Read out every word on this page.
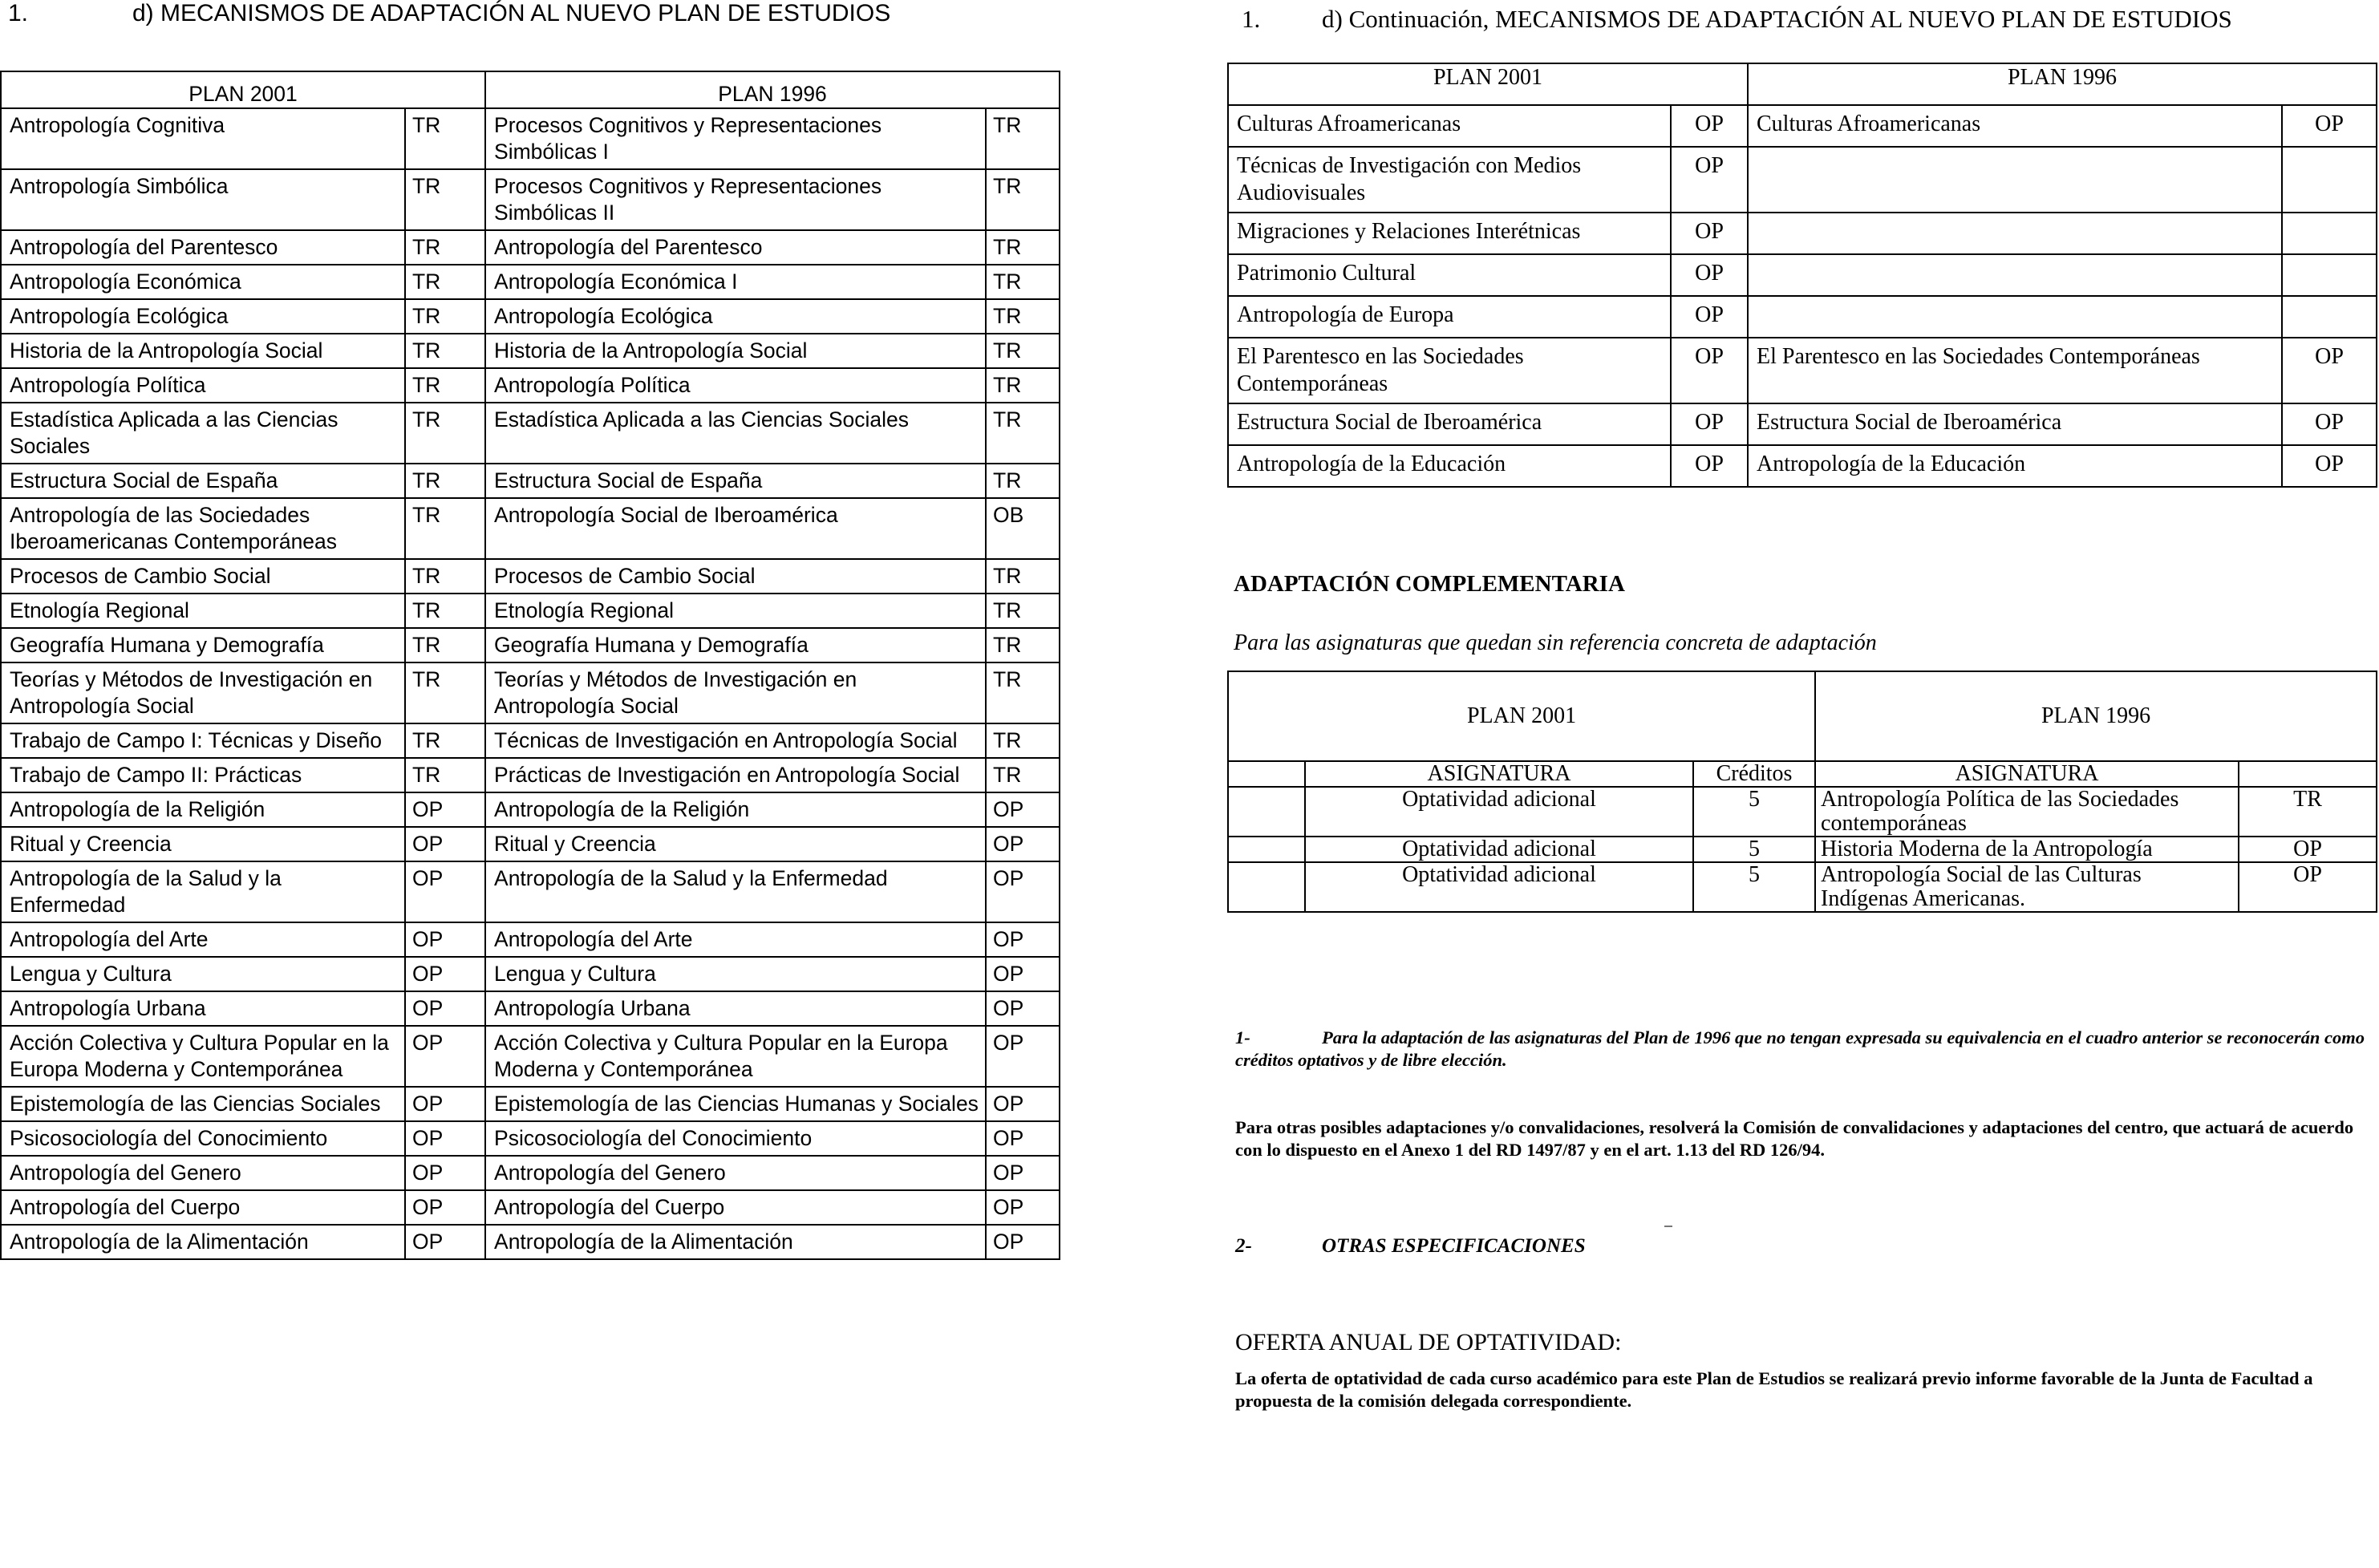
1.	d) MECANISMOS DE ADAPTACIÓN AL NUEVO PLAN DE ESTUDIOS
PLAN 2001		PLAN 1996	
Antropología Cognitiva	TR	Procesos Cognitivos y Representaciones Simbólicas I	TR
Antropología Simbólica	TR	Procesos Cognitivos y Representaciones Simbólicas II	TR
Antropología del Parentesco	TR	Antropología del Parentesco	TR
Antropología Económica	TR	Antropología Económica I	TR
Antropología Ecológica	TR	Antropología Ecológica	TR
Historia de la Antropología Social	TR	Historia de la Antropología Social	TR
Antropología Política	TR	Antropología Política	TR
Estadística Aplicada a las Ciencias Sociales	TR	Estadística Aplicada a las Ciencias Sociales	TR
Estructura Social de España	TR	Estructura Social de España	TR
Antropología de las Sociedades Iberoamericanas Contemporáneas	TR	Antropología Social de Iberoamérica	OB
Procesos de Cambio Social	TR	Procesos de Cambio Social	TR
Etnología Regional	TR	Etnología Regional	TR
Geografía Humana y Demografía	TR	Geografía Humana y Demografía	TR
Teorías y Métodos de Investigación en Antropología Social	TR	Teorías y Métodos de Investigación en Antropología Social	TR
Trabajo de Campo I: Técnicas y Diseño	TR	Técnicas de Investigación en Antropología Social	TR
Trabajo de Campo II: Prácticas	TR	Prácticas de Investigación en Antropología Social	TR
Antropología de la Religión	OP	Antropología de la Religión	OP
Ritual y Creencia	OP	Ritual y Creencia	OP
Antropología de la Salud y la Enfermedad	OP	Antropología de la Salud y la Enfermedad	OP
Antropología del Arte	OP	Antropología del Arte	OP
Lengua y Cultura	OP	Lengua y Cultura	OP
Antropología Urbana	OP	Antropología Urbana	OP
Acción Colectiva y Cultura Popular en la Europa Moderna y Contemporánea	OP	Acción Colectiva y Cultura Popular en la Europa Moderna y Contemporánea	OP
Epistemología de las Ciencias Sociales	OP	Epistemología de las Ciencias Humanas y Sociales	OP
Psicosociología del Conocimiento	OP	Psicosociología del Conocimiento	OP
Antropología del Genero	OP	Antropología del Genero	OP
Antropología del Cuerpo	OP	Antropología del Cuerpo	OP
Antropología de la Alimentación	OP	Antropología de la Alimentación	OP
1. d) Continuación, MECANISMOS DE ADAPTACIÓN AL NUEVO PLAN DE ESTUDIOS
PLAN 2001		PLAN 1996	
Culturas Afroamericanas	OP	Culturas Afroamericanas	OP
Técnicas de Investigación con Medios Audiovisuales	OP		
Migraciones y Relaciones Interétnicas	OP		
Patrimonio Cultural	OP		
Antropología de Europa	OP		
El Parentesco en las Sociedades Contemporáneas	OP	El Parentesco en las Sociedades Contemporáneas	OP
Estructura Social de Iberoamérica	OP	Estructura Social de Iberoamérica	OP
Antropología de la Educación	OP	Antropología de la Educación	OP
ADAPTACIÓN COMPLEMENTARIA
Para las asignaturas que quedan sin referencia concreta de adaptación
PLAN 2001			PLAN 1996	
	ASIGNATURA	Créditos	ASIGNATURA	
	Optatividad adicional	5	Antropología Política de las Sociedades contemporáneas	TR
	Optatividad adicional	5	Historia Moderna de la Antropología	OP
	Optatividad adicional	5	Antropología Social de las Culturas Indígenas Americanas.	OP
1-	Para la adaptación de las asignaturas del Plan de 1996 que no tengan expresada su equivalencia en el cuadro anterior se reconocerán como créditos optativos y de libre elección.
Para otras posibles adaptaciones y/o convalidaciones, resolverá la Comisión de convalidaciones y adaptaciones del centro, que actuará de acuerdo con lo dispuesto en el Anexo 1 del RD 1497/87 y en el art. 1.13 del RD 126/94.
2-	OTRAS ESPECIFICACIONES
OFERTA ANUAL DE OPTATIVIDAD:
La oferta de optatividad de cada curso académico para este Plan de Estudios se realizará previo informe favorable de la Junta de Facultad a propuesta de la comisión delegada correspondiente.
